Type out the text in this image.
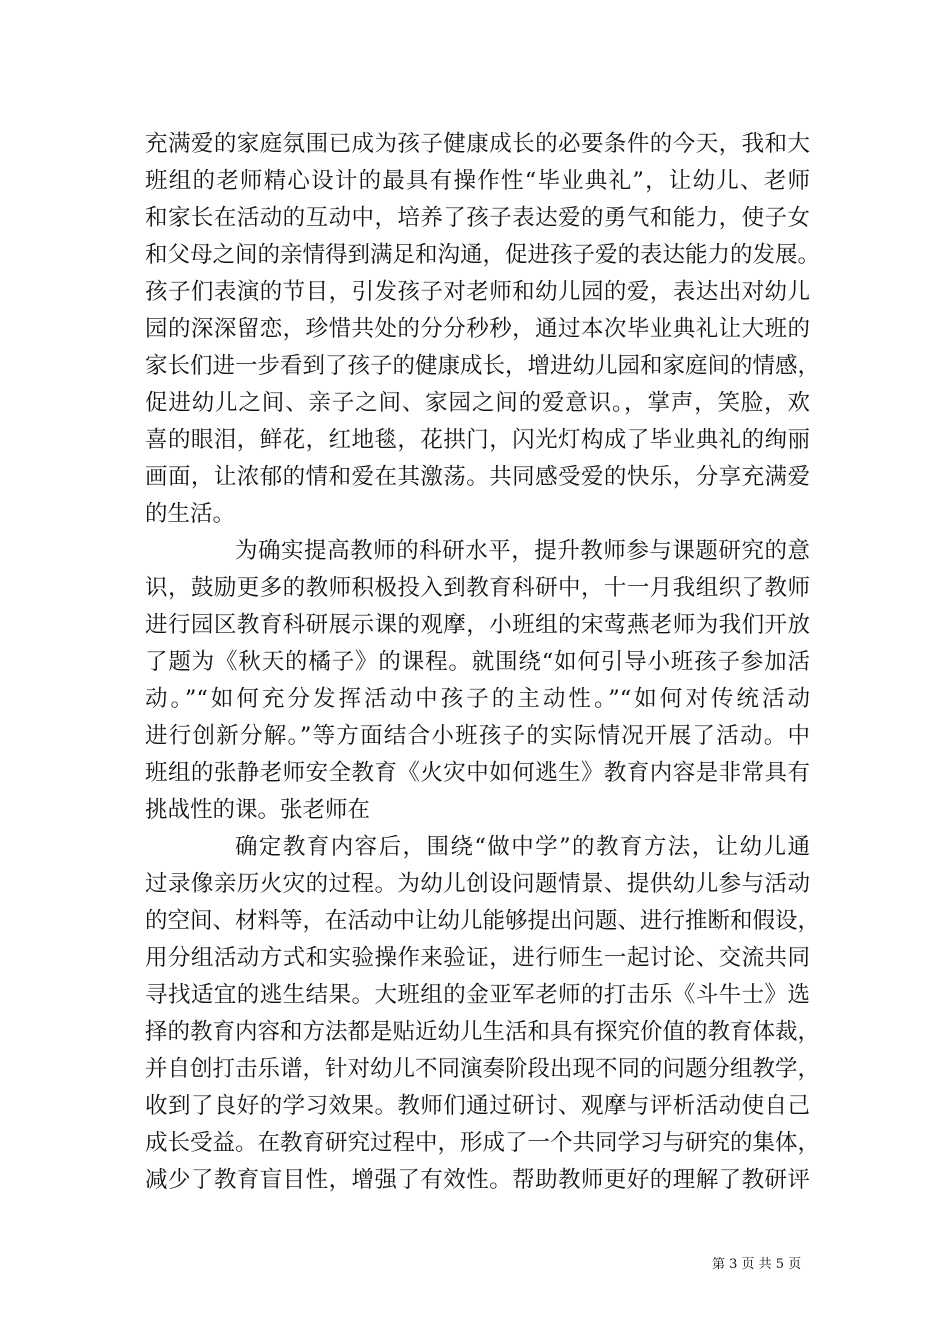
充满爱的家庭氛围已成为孩子健康成长的必要条件的今天，我和大
班组的老师精心设计的最具有操作性“毕业典礼”，让幼儿、老师
和家长在活动的互动中，培养了孩子表达爱的勇气和能力，使子女
和父母之间的亲情得到满足和沟通，促进孩子爱的表达能力的发展。
孩子们表演的节目，引发孩子对老师和幼儿园的爱，表达出对幼儿
园的深深留恋，珍惜共处的分分秒秒，通过本次毕业典礼让大班的
家长们进一步看到了孩子的健康成长，增进幼儿园和家庭间的情感，
促进幼儿之间、亲子之间、家园之间的爱意识。，掌声，笑脸，欢
喜的眼泪，鲜花，红地毯，花拱门，闪光灯构成了毕业典礼的绚丽
画面，让浓郁的情和爱在其激荡。共同感受爱的快乐，分享充满爱
的生活。
为确实提高教师的科研水平，提升教师参与课题研究的意
识，鼓励更多的教师积极投入到教育科研中，十一月我组织了教师
进行园区教育科研展示课的观摩，小班组的宋莺燕老师为我们开放
了题为《秋天的橘子》的课程。就围绕“如何引导小班孩子参加活
动。”“如何充分发挥活动中孩子的主动性。”“如何对传统活动
进行创新分解。”等方面结合小班孩子的实际情况开展了活动。中
班组的张静老师安全教育《火灾中如何逃生》教育内容是非常具有
挑战性的课。张老师在
确定教育内容后，围绕“做中学”的教育方法，让幼儿通
过录像亲历火灾的过程。为幼儿创设问题情景、提供幼儿参与活动
的空间、材料等，在活动中让幼儿能够提出问题、进行推断和假设，
用分组活动方式和实验操作来验证，进行师生一起讨论、交流共同
寻找适宜的逃生结果。大班组的金亚军老师的打击乐《斗牛士》选
择的教育内容和方法都是贴近幼儿生活和具有探究价值的教育体裁，
并自创打击乐谱，针对幼儿不同演奏阶段出现不同的问题分组教学，
收到了良好的学习效果。教师们通过研讨、观摩与评析活动使自己
成长受益。在教育研究过程中，形成了一个共同学习与研究的集体，
减少了教育盲目性，增强了有效性。帮助教师更好的理解了教研评
第 3 页 共 5 页
